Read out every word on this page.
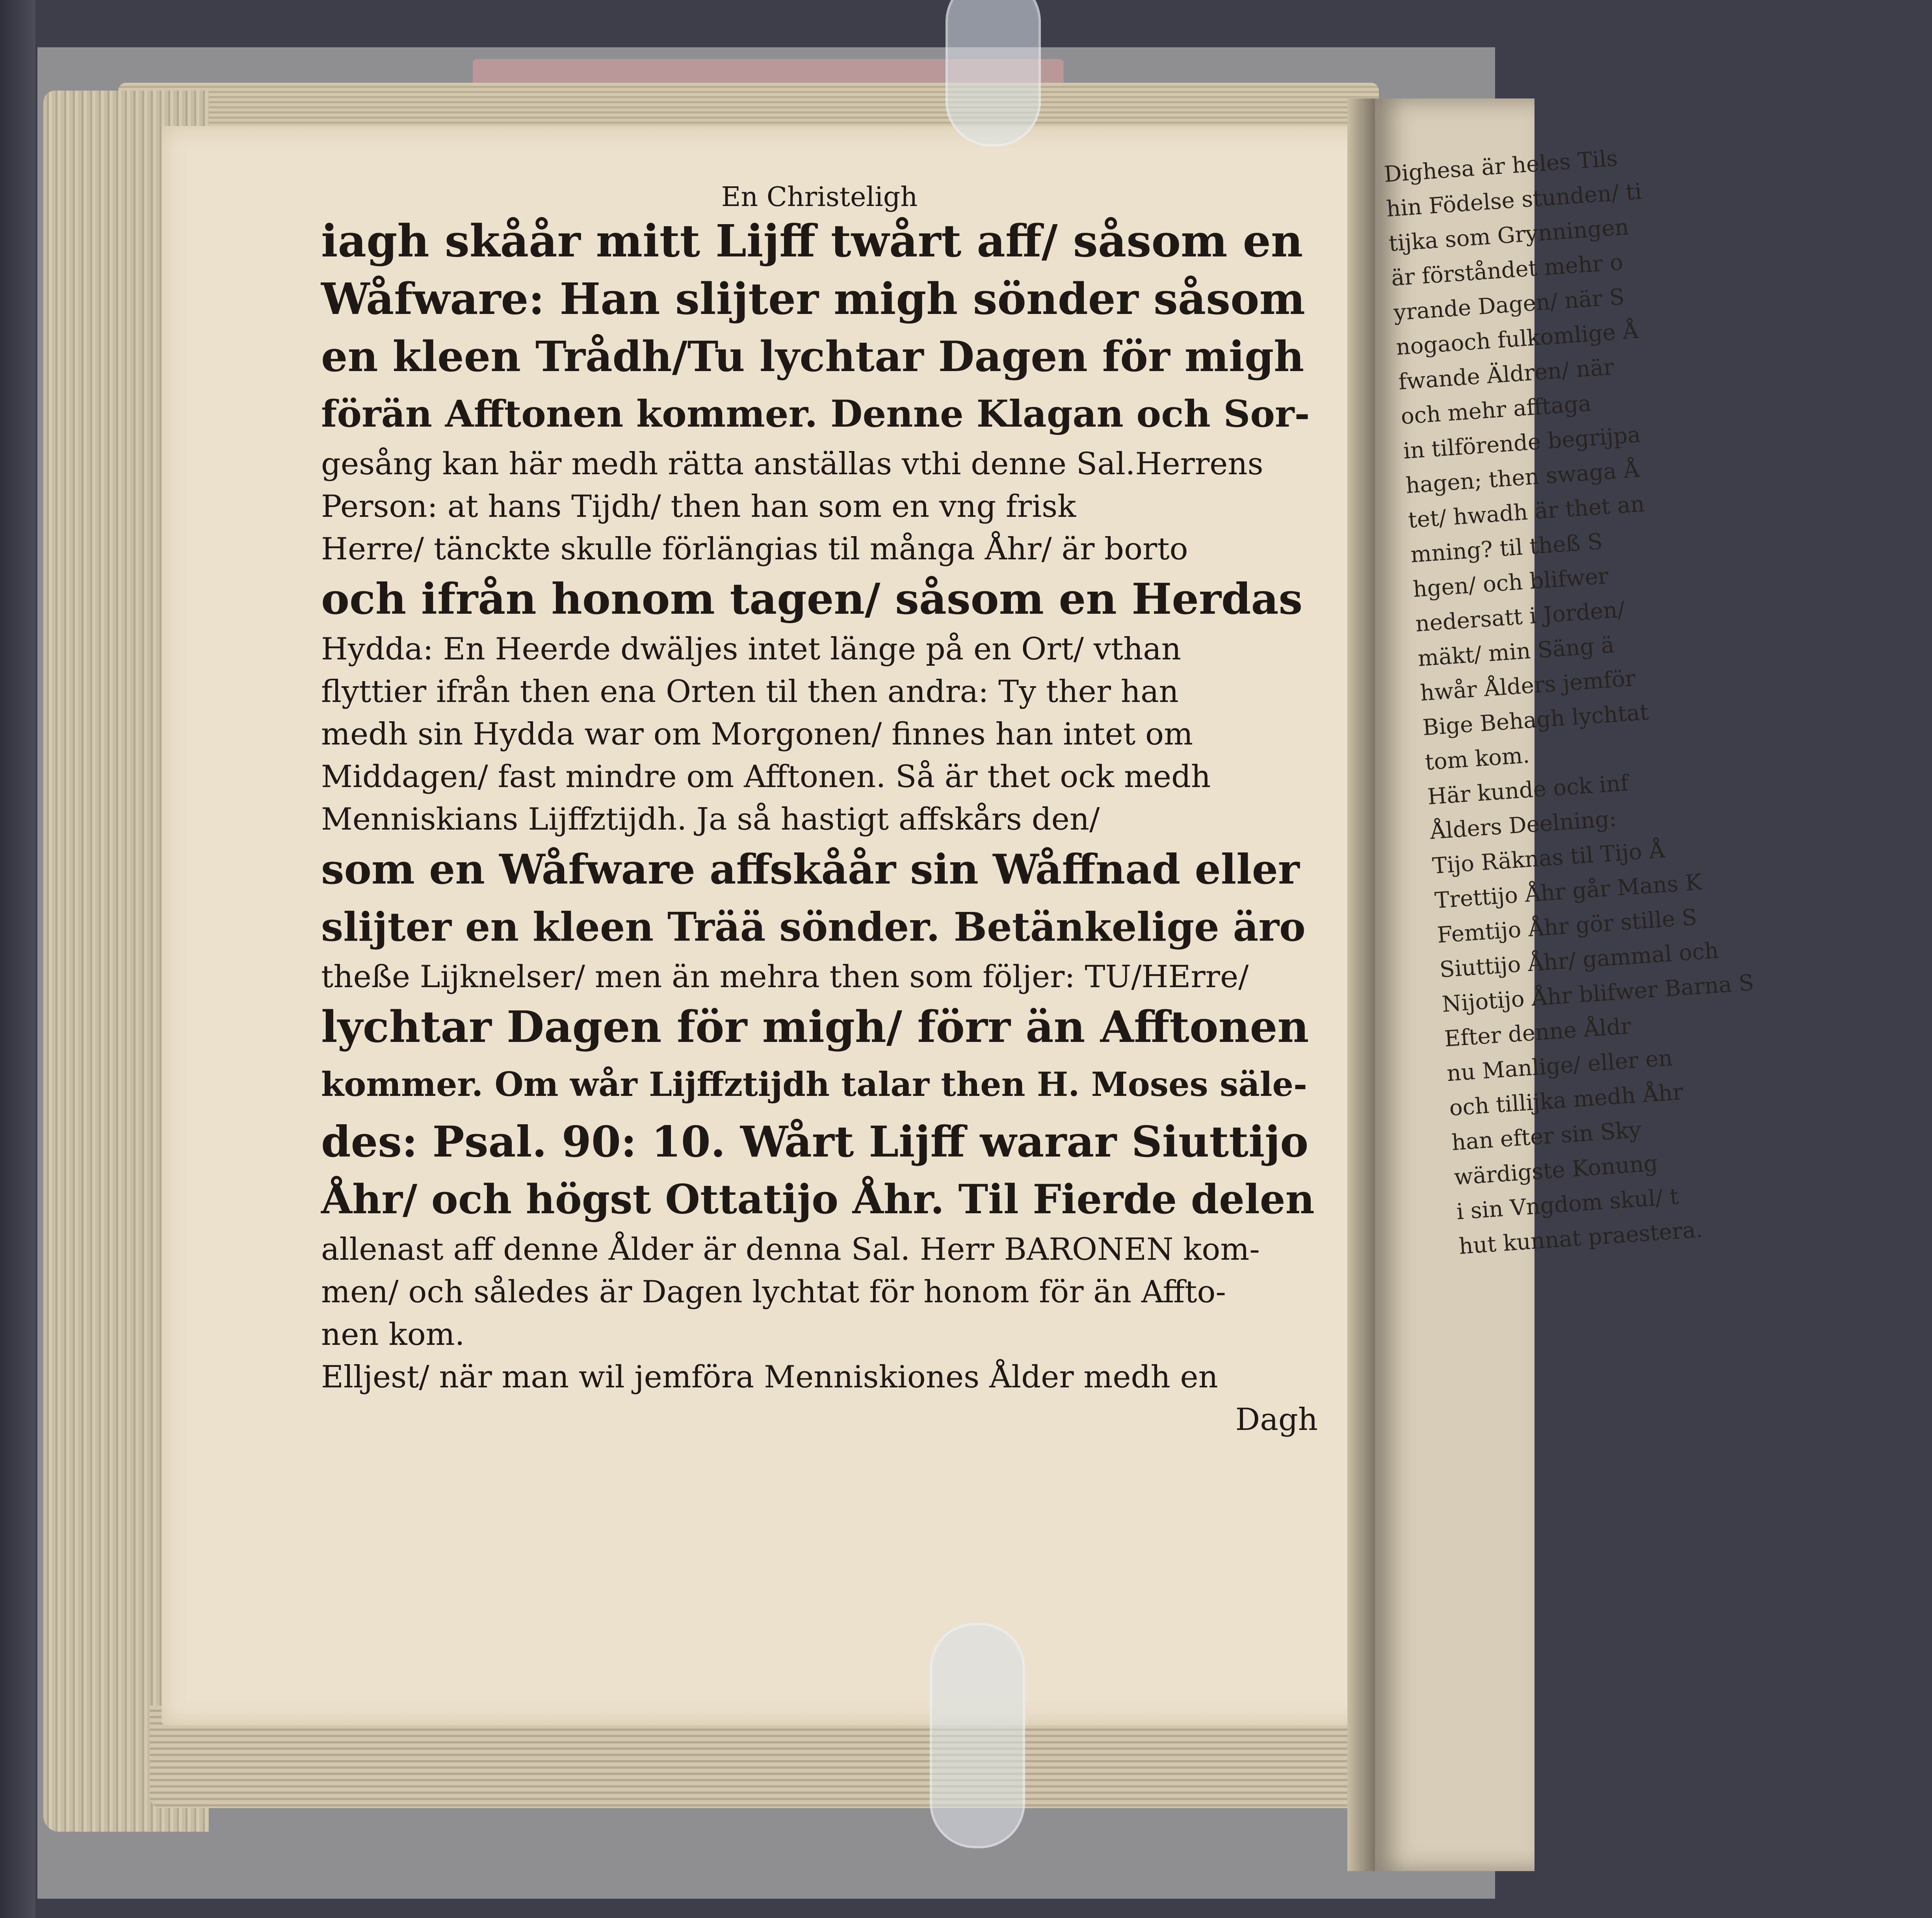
Dighesa är heles Tils
hin Födelse stunden/ ti
tijka som Grynningen
är förståndet mehr o
yrande Dagen/ när S
nogaoch fulkomlige Å
fwande Äldren/ när
och mehr afftaga
in tilförende begrijpa
hagen; then swaga Å
tet/ hwadh är thet an
mning? til theß S
hgen/ och blifwer
nedersatt i Jorden/
mäkt/ min Säng ä
hwår Ålders jemför
Bige Behagh lychtat
tom kom.
Här kunde ock inf
Ålders Deelning:
Tijo Räknas til Tijo Å
Trettijo Åhr går Mans K
Femtijo Åhr gör stille S
Siuttijo Åhr/ gammal och
Nijotijo Åhr blifwer Barna S
Efter denne Åldr
nu Manlige/ eller en
och tillijka medh Åhr
han efter sin Sky
wärdigste Konung
i sin Vngdom skul/ t
hut kunnat praestera.
En Christeligh
iagh skåår mitt Lijff twårt aff/ såsom en
Wåfware: Han slijter migh sönder såsom
en kleen Trådh/Tu lychtar Dagen för migh
förän Afftonen kommer. Denne Klagan och Sor-
gesång kan här medh rätta anställas vthi denne Sal.Herrens
Person: at hans Tijdh/ then han som en vng frisk
Herre/ tänckte skulle förlängias til många Åhr/ är borto
och ifrån honom tagen/ såsom en Herdas
Hydda: En Heerde dwäljes intet länge på en Ort/ vthan
flyttier ifrån then ena Orten til then andra: Ty ther han
medh sin Hydda war om Morgonen/ finnes han intet om
Middagen/ fast mindre om Afftonen. Så är thet ock medh
Menniskians Lijffztijdh. Ja så hastigt affskårs den/
som en Wåfware affskåår sin Wåffnad eller
slijter en kleen Trää sönder. Betänkelige äro
theße Lijknelser/ men än mehra then som följer: TU/HErre/
lychtar Dagen för migh/ förr än Afftonen
kommer. Om wår Lijffztijdh talar then H. Moses säle-
des: Psal. 90: 10. Wårt Lijff warar Siuttijo
Åhr/ och högst Ottatijo Åhr. Til Fierde delen
allenast aff denne Ålder är denna Sal. Herr BARONEN kom-
men/ och således är Dagen lychtat för honom för än Affto-
nen kom.
Elljest/ när man wil jemföra Menniskiones Ålder medh en
Dagh
